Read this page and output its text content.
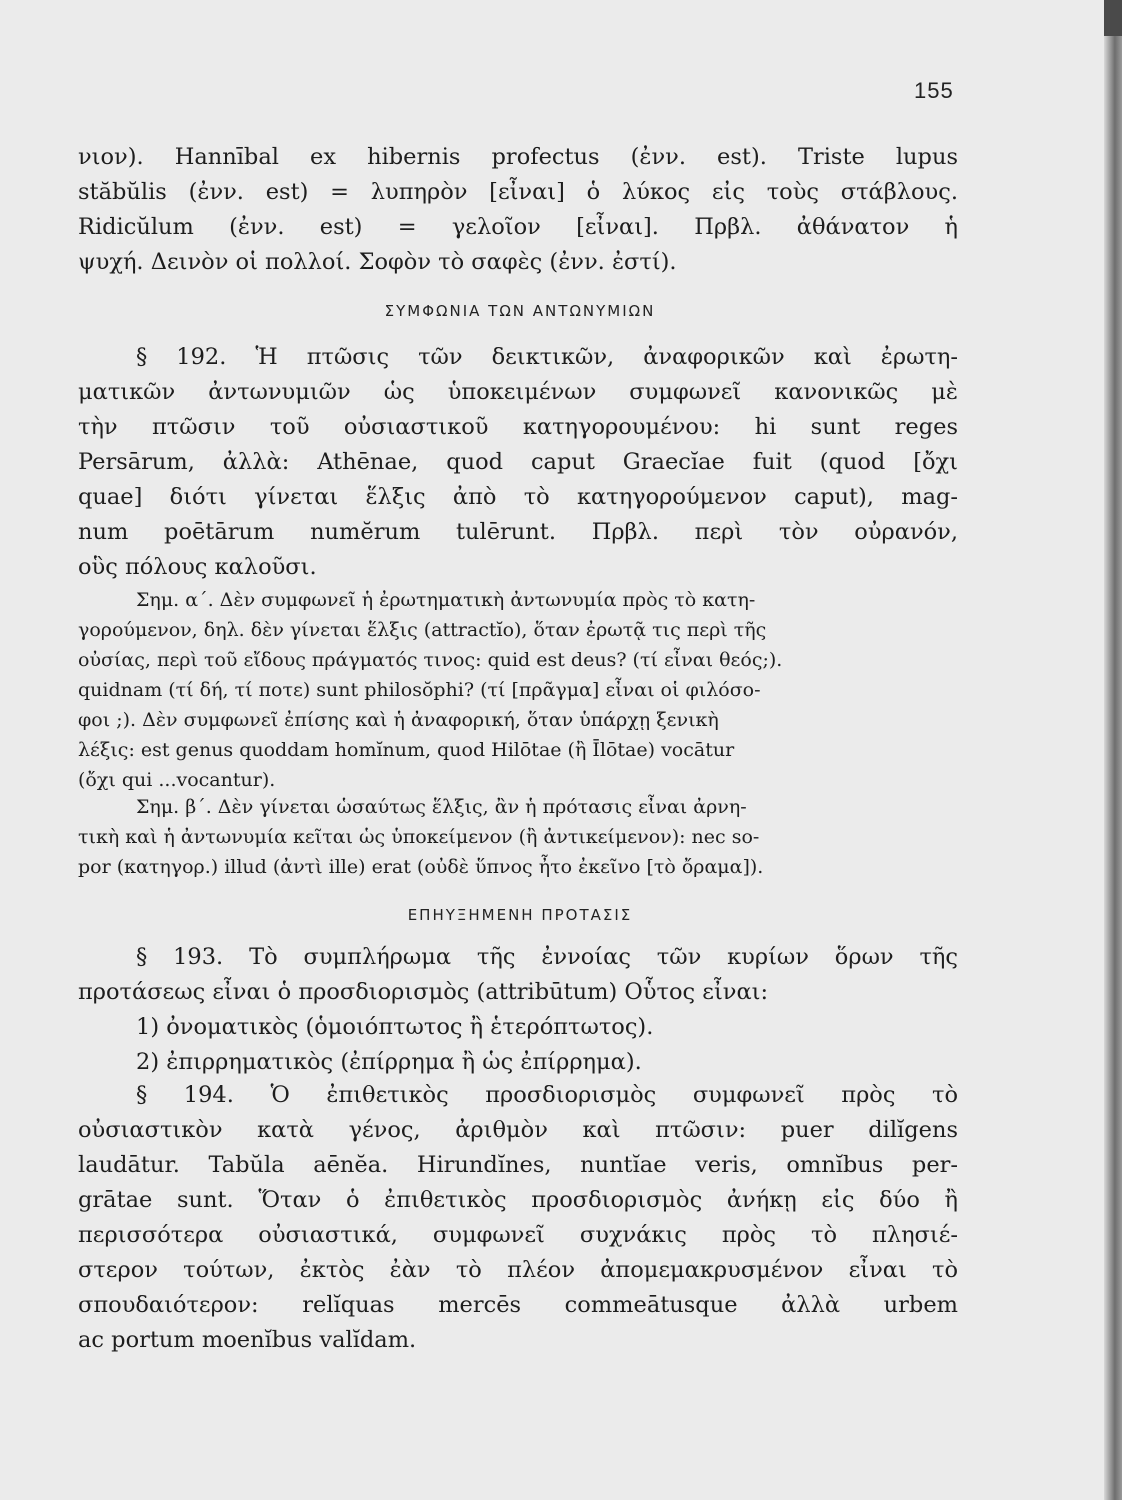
155
νιον). Hannībal ex hibernis profectus (ἐνν. est). Triste lupus
stăbŭlis (ἐνν. est) = λυπηρὸν [εἶναι] ὁ λύκος εἰς τοὺς στάβλους.
Ridicŭlum (ἐνν. est) = γελοῖον [εἶναι]. Πρβλ. ἀθάνατον ἡ
ψυχή. Δεινὸν οἱ πολλοί. Σοφὸν τὸ σαφὲς (ἐνν. ἐστί).
ΣΥΜΦΩΝΙΑ ΤΩΝ ΑΝΤΩΝΥΜΙΩΝ
§ 192. Ἡ πτῶσις τῶν δεικτικῶν, ἀναφορικῶν καὶ ἐρωτη-
ματικῶν ἀντωνυμιῶν ὡς ὑποκειμένων συμφωνεῖ κανονικῶς μὲ
τὴν πτῶσιν τοῦ οὐσιαστικοῦ κατηγορουμένου: hi sunt reges
Persārum, ἀλλὰ: Athēnae, quod caput Graecĭae fuit (quod [ὄχι
quae] διότι γίνεται ἕλξις ἀπὸ τὸ κατηγορούμενον caput), mag-
num poētārum numĕrum tulērunt. Πρβλ. περὶ τὸν οὐρανόν,
οὓς πόλους καλοῦσι.
Σημ. α΄. Δὲν συμφωνεῖ ἡ ἐρωτηματικὴ ἀντωνυμία πρὸς τὸ κατη-
γορούμενον, δηλ. δὲν γίνεται ἕλξις (attractĭo), ὅταν ἐρωτᾷ τις περὶ τῆς
οὐσίας, περὶ τοῦ εἴδους πράγματός τινος: quid est deus? (τί εἶναι θεός;).
quidnam (τί δή, τί ποτε) sunt philosŏphi? (τί [πρᾶγμα] εἶναι οἱ φιλόσο-
φοι ;). Δὲν συμφωνεῖ ἐπίσης καὶ ἡ ἀναφορική, ὅταν ὑπάρχῃ ξενικὴ
λέξις: est genus quoddam homĭnum, quod Hilōtae (ἢ Īlōtae) vocātur
(ὄχι qui ...vocantur).
Σημ. β΄. Δὲν γίνεται ὡσαύτως ἕλξις, ἂν ἡ πρότασις εἶναι ἀρνη-
τικὴ καὶ ἡ ἀντωνυμία κεῖται ὡς ὑποκείμενον (ἢ ἀντικείμενον): nec so-
por (κατηγορ.) illud (ἀντὶ ille) erat (οὐδὲ ὕπνος ἦτο ἐκεῖνο [τὸ ὄραμα]).
ΕΠΗΥΞΗΜΕΝΗ ΠΡΟΤΑΣΙΣ
§ 193. Τὸ συμπλήρωμα τῆς ἐννοίας τῶν κυρίων ὅρων τῆς
προτάσεως εἶναι ὁ προσδιορισμὸς (attribūtum) Οὗτος εἶναι:
1) ὀνοματικὸς (ὁμοιόπτωτος ἢ ἑτερόπτωτος).
2) ἐπιρρηματικὸς (ἐπίρρημα ἢ ὡς ἐπίρρημα).
§ 194. Ὁ ἐπιθετικὸς προσδιορισμὸς συμφωνεῖ πρὸς τὸ
οὐσιαστικὸν κατὰ γένος, ἀριθμὸν καὶ πτῶσιν: puer dilĭgens
laudātur. Tabŭla aēnĕa. Hirundĭnes, nuntĭae veris, omnĭbus per-
grātae sunt. Ὅταν ὁ ἐπιθετικὸς προσδιορισμὸς ἀνήκῃ εἰς δύο ἢ
περισσότερα οὐσιαστικά, συμφωνεῖ συχνάκις πρὸς τὸ πλησιέ-
στερον τούτων, ἐκτὸς ἐὰν τὸ πλέον ἀπομεμακρυσμένον εἶναι τὸ
σπουδαιότερον: relĭquas mercēs commeātusque ἀλλὰ urbem
ac portum moenĭbus valĭdam.
